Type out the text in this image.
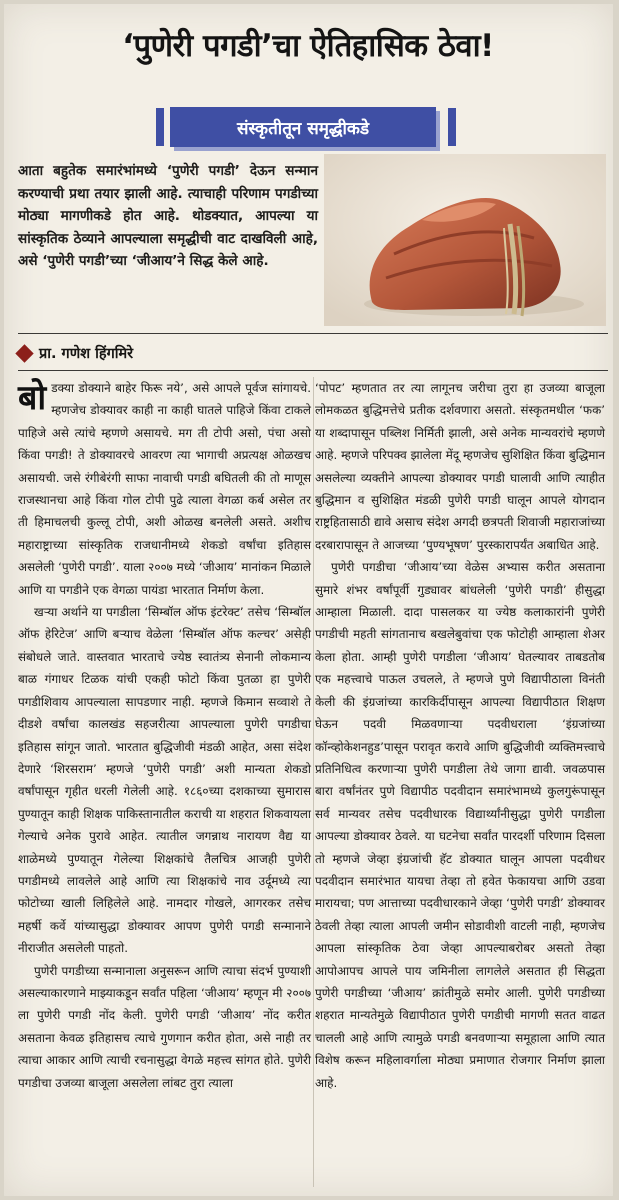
‘पुणेरी पगडी’चा ऐतिहासिक ठेवा!
संस्कृतीतून समृद्धीकडे
आता बहुतेक समारंभांमध्ये ‘पुणेरी पगडी’ देऊन सन्मान करण्याची प्रथा तयार झाली आहे. त्याचाही परिणाम पगडीच्या मोठ्या मागणीकडे होत आहे. थोडक्यात, आपल्या या सांस्कृतिक ठेव्याने आपल्याला समृद्धीची वाट दाखविली आहे, असे ‘पुणेरी पगडी’च्या ‘जीआय’ने सिद्ध केले आहे.
प्रा. गणेश हिंगमिरे

बोडक्या डोक्याने बाहेर फिरू नये’, असे आपले पूर्वज सांगायचे. म्हणजेच डोक्यावर काही ना काही घातले पाहिजे किंवा टाकले पाहिजे असे त्यांचे म्हणणे असायचे. मग ती टोपी असो, पंचा असो किंवा पगडी! ते डोक्यावरचे आवरण त्या भागाची अप्रत्यक्ष ओळखच असायची. जसे रंगीबेरंगी साफा नावाची पगडी बघितली की तो माणूस राजस्थानचा आहे किंवा गोल टोपी पुढे त्याला वेगळा कर्ब असेल तर ती हिमाचलची कुल्लू टोपी, अशी ओळख बनलेली असते. अशीच महाराष्ट्राच्या सांस्कृतिक राजधानीमध्ये शेकडो वर्षांचा इतिहास असलेली ‘पुणेरी पगडी’. याला २००७ मध्ये ‘जीआय’ मानांकन मिळाले आणि या पगडीने एक वेगळा पायंडा भारतात निर्माण केला.

खऱ्या अर्थाने या पगडीला ‘सिम्बॉल ऑफ इंटरेक्ट’ तसेच ‘सिम्बॉल ऑफ हेरिटेज’ आणि बऱ्याच वेळेला ‘सिम्बॉल ऑफ कल्चर’ असेही संबोधले जाते. वास्तवात भारताचे ज्येष्ठ स्वातंत्र्य सेनानी लोकमान्य बाळ गंगाधर टिळक यांची एकही फोटो किंवा पुतळा हा पुणेरी पगडीशिवाय आपल्याला सापडणार नाही. म्हणजे किमान सव्वाशे ते दीडशे वर्षांचा कालखंड सहजरीत्या आपल्याला पुणेरी पगडीचा इतिहास सांगून जातो. भारतात बुद्धिजीवी मंडळी आहेत, असा संदेश देणारे ‘शिरसराम’ म्हणजे ‘पुणेरी पगडी’ अशी मान्यता शेकडो वर्षांपासून गृहीत धरली गेलेली आहे. १८६०च्या दशकाच्या सुमारास पुण्यातून काही शिक्षक पाकिस्तानातील कराची या शहरात शिकवायला गेल्याचे अनेक पुरावे आहेत. त्यातील जगन्नाथ नारायण वैद्य या शाळेमध्ये पुण्यातून गेलेल्या शिक्षकांचे तैलचित्र आजही पुणेरी पगडीमध्ये लावलेले आहे आणि त्या शिक्षकांचे नाव उर्दूमध्ये त्या फोटोच्या खाली लिहिलेले आहे. नामदार गोखले, आगरकर तसेच महर्षी कर्वे यांच्यासुद्धा डोक्यावर आपण पुणेरी पगडी सन्मानाने नीराजीत असलेली पाहतो.

पुणेरी पगडीच्या सन्मानाला अनुसरून आणि त्याचा संदर्भ पुण्याशी असल्याकारणाने माझ्याकडून सर्वांत पहिला ‘जीआय’ म्हणून मी २००७ ला पुणेरी पगडी नोंद केली. पुणेरी पगडी ‘जीआय’ नोंद करीत असताना केवळ इतिहासच त्याचे गुणगान करीत होता, असे नाही तर त्याचा आकार आणि त्याची रचनासुद्धा वेगळे महत्त्व सांगत होते. पुणेरी पगडीचा उजव्या बाजूला असलेला लांबट तुरा त्याला

‘पोपट’ म्हणतात तर त्या लागूनच जरीचा तुरा हा उजव्या बाजूला लोमकळत बुद्धिमत्तेचे प्रतीक दर्शवणारा असतो. संस्कृतमधील ‘फक’ या शब्दापासून पब्लिश निर्मिती झाली, असे अनेक मान्यवरांचे म्हणणे आहे. म्हणजे परिपक्व झालेला मेंदू म्हणजेच सुशिक्षित किंवा बुद्धिमान असलेल्या व्यक्तीने आपल्या डोक्यावर पगडी घालावी आणि त्याहीत बुद्धिमान व सुशिक्षित मंडळी पुणेरी पगडी घालून आपले योगदान राष्ट्रहितासाठी द्यावे असाच संदेश अगदी छत्रपती शिवाजी महाराजांच्या दरबारापासून ते आजच्या ‘पुण्यभूषण’ पुरस्कारापर्यंत अबाधित आहे.

पुणेरी पगडीचा ‘जीआय’च्या वेळेस अभ्यास करीत असताना सुमारे शंभर वर्षांपूर्वी गुड्यावर बांधलेली ‘पुणेरी पगडी’ हीसुद्धा आम्हाला मिळाली. दादा पासलकर या ज्येष्ठ कलाकारांनी पुणेरी पगडीची महती सांगतानाच बखलेबुवांचा एक फोटोही आम्हाला शेअर केला होता. आम्ही पुणेरी पगडीला ‘जीआय’ घेतल्यावर ताबडतोब एक महत्त्वाचे पाऊल उचलले, ते म्हणजे पुणे विद्यापीठाला विनंती केली की इंग्रजांच्या कारकिर्दीपासून आपल्या विद्यापीठात शिक्षण घेऊन पदवी मिळवणाऱ्या पदवीधराला ‘इंग्रजांच्या कॉन्व्होकेशनहुड’पासून परावृत करावे आणि बुद्धिजीवी व्यक्तिमत्त्वाचे प्रतिनिधित्व करणाऱ्या पुणेरी पगडीला तेथे जागा द्यावी. जवळपास बारा वर्षांनंतर पुणे विद्यापीठ पदवीदान समारंभामध्ये कुलगुरूंपासून सर्व मान्यवर तसेच पदवीधारक विद्यार्थ्यांनीसुद्धा पुणेरी पगडीला आपल्या डोक्यावर ठेवले. या घटनेचा सर्वांत पारदर्शी परिणाम दिसला तो म्हणजे जेव्हा इंग्रजांची हॅट डोक्यात घालून आपला पदवीधर पदवीदान समारंभात यायचा तेव्हा तो हवेत फेकायचा आणि उडवा मारायचा; पण आत्ताच्या पदवीधारकाने जेव्हा ‘पुणेरी पगडी’ डोक्यावर ठेवली तेव्हा त्याला आपली जमीन सोडावीशी वाटली नाही, म्हणजेच आपला सांस्कृतिक ठेवा जेव्हा आपल्याबरोबर असतो तेव्हा आपोआपच आपले पाय जमिनीला लागलेले असतात ही सिद्धता पुणेरी पगडीच्या ‘जीआय’ क्रांतीमुळे समोर आली. पुणेरी पगडीच्या शहरात मान्यतेमुळे विद्यापीठात पुणेरी पगडीची मागणी सतत वाढत चालली आहे आणि त्यामुळे पगडी बनवणाऱ्या समूहाला आणि त्यात विशेष करून महिलावर्गाला मोठ्या प्रमाणात रोजगार निर्माण झाला आहे.
